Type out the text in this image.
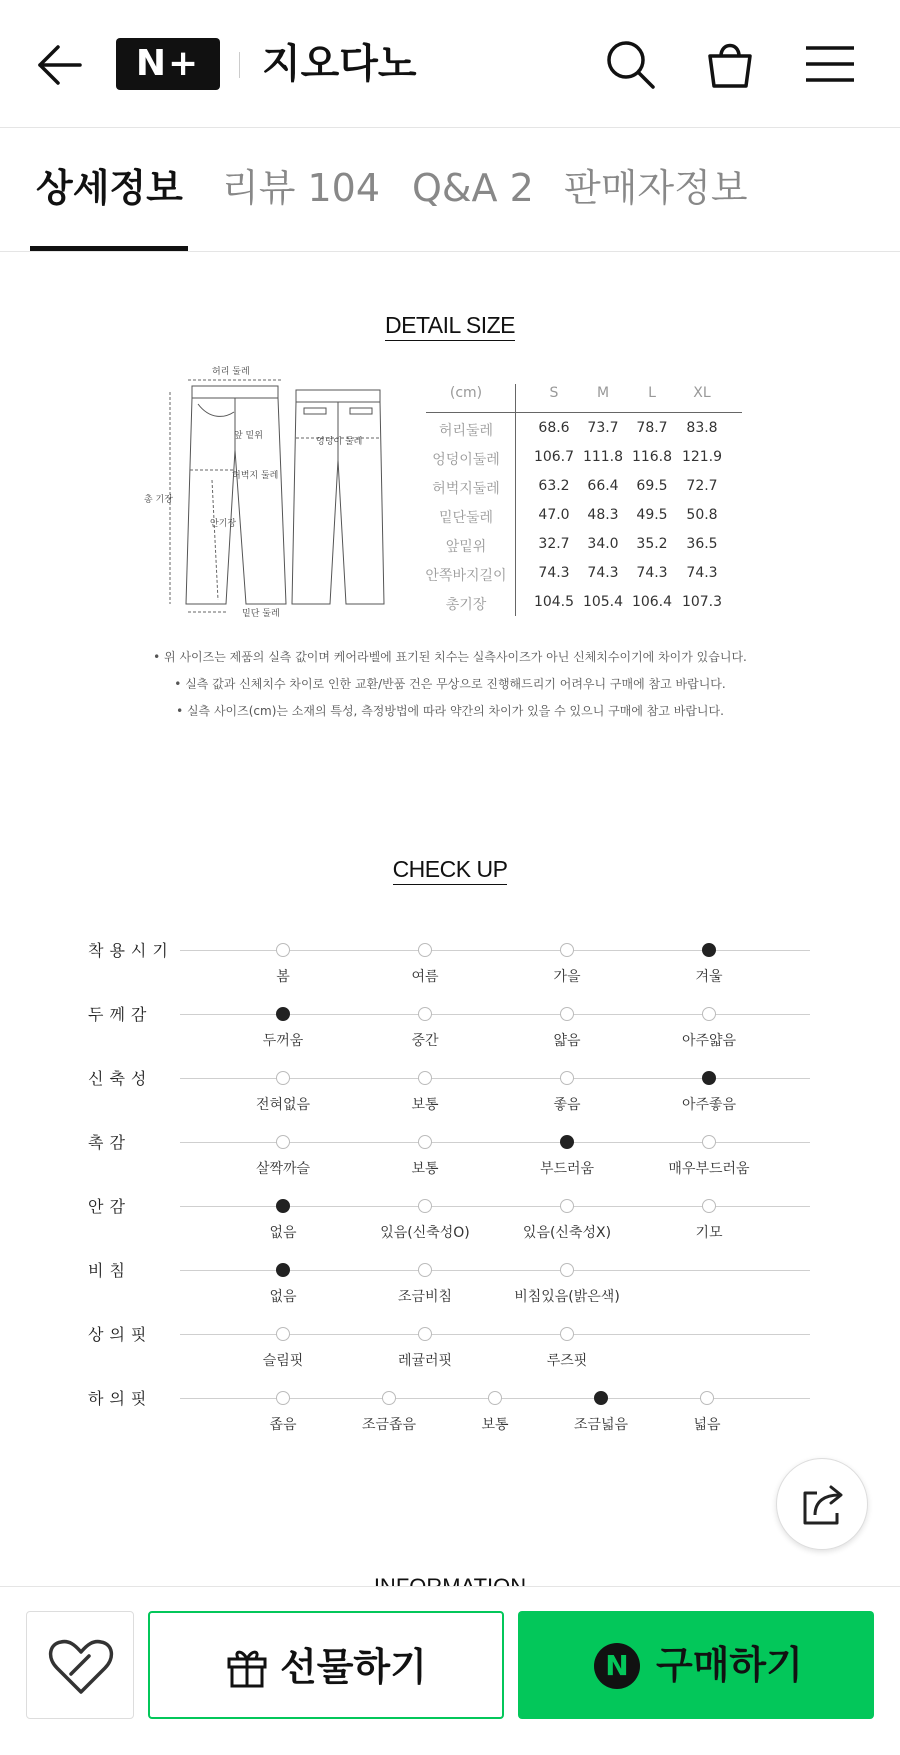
N+	지오다노
상세정보 리뷰 104 Q&A 2 판매자정보
DETAIL SIZE
허리 둘레
앞 밑위
허벅지 둘레
총 기장
안기장
밑단 둘레
엉덩이 둘레
(cm)	S	M	L	XL
허리둘레	68.6	73.7	78.7	83.8
엉덩이둘레	106.7 111.8 116.8 121.9
허벅지둘레	63.2	66.4	69.5	72.7
밑단둘레	47.0	48.3	49.5	50.8
앞밑위	32.7	34.0	35.2	36.5
안쪽바지길이	74.3	74.3	74.3	74.3
총기장	104.5 105.4 106.4 107.3
• 위 사이즈는 제품의 실측 값이며 케어라벨에 표기된 치수는 실측사이즈가 아닌 신체치수이기에 차이가 있습니다.
• 실측 값과 신체치수 차이로 인한 교환/반품 건은 무상으로 진행해드리기 어려우니 구매에 참고 바랍니다.
• 실측 사이즈(cm)는 소재의 특성, 측정방법에 따라 약간의 차이가 있을 수 있으니 구매에 참고 바랍니다.
CHECK UP
착용시기
봄	여름	가을	겨울
두께감
두꺼움	중간	얇음	아주얇음
신축성
전혀없음	보통	좋음	아주좋음
촉감
살짝까슬	보통	부드러움	매우부드러움
안감
없음	있음(신축성O)	있음(신축성X)	기모
비침
없음	조금비침	비침있음(밝은색)
상의핏
슬림핏	레귤러핏	루즈핏
하의핏
좁음	조금좁음	보통	조금넓음	넓음
선물하기	N 구매하기
